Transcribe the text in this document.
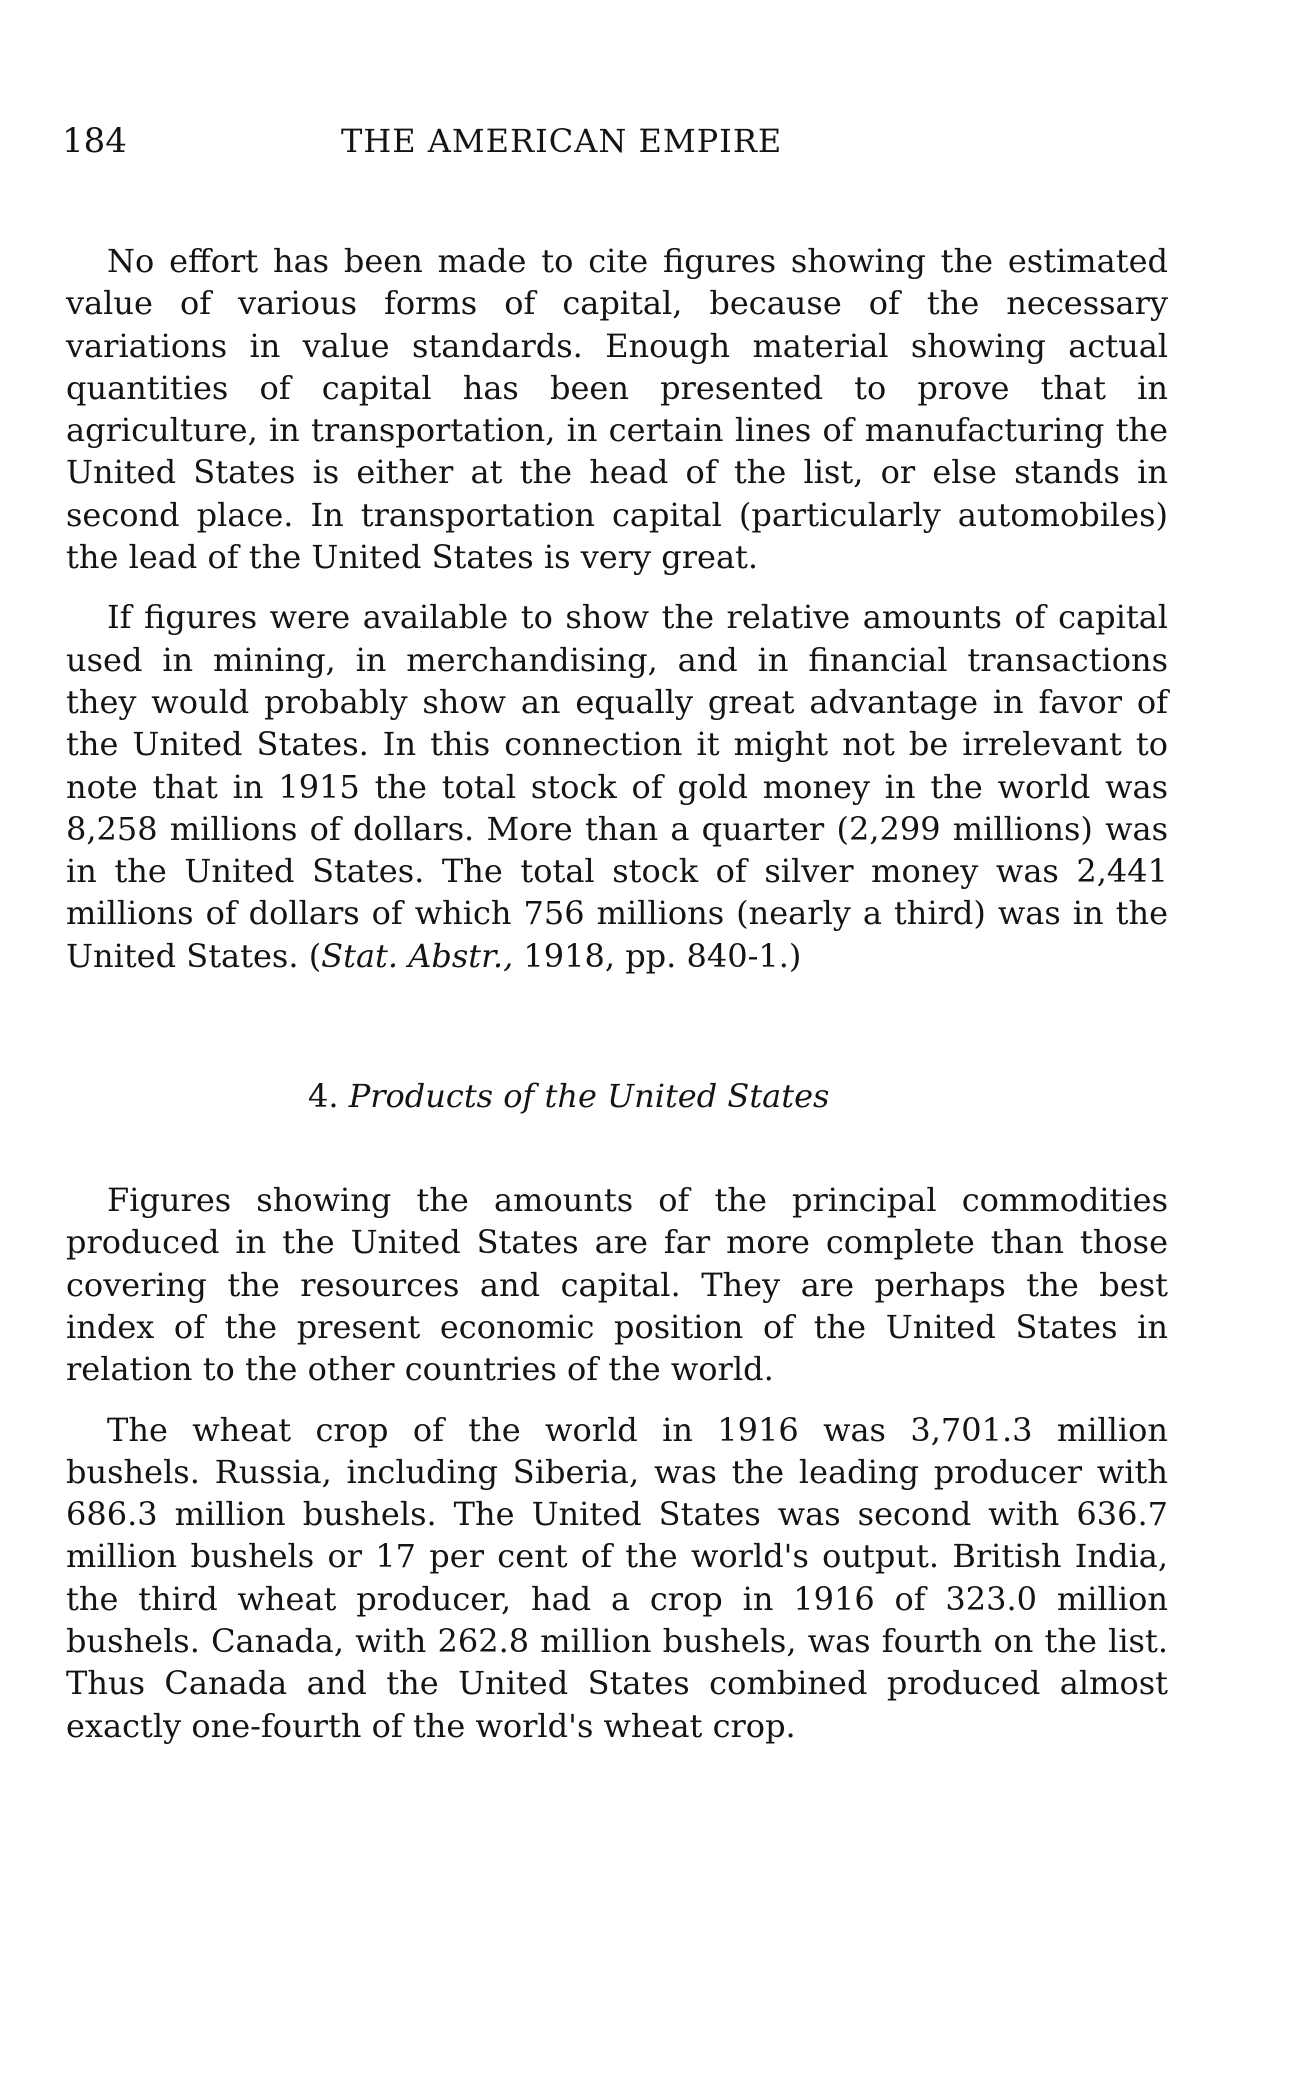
184	THE AMERICAN EMPIRE

No effort has been made to cite figures showing the estimated value of various forms of capital, because of the necessary variations in value standards. Enough material showing actual quantities of capital has been presented to prove that in agriculture, in transportation, in certain lines of manufacturing the United States is either at the head of the list, or else stands in second place. In transportation capital (particularly automobiles) the lead of the United States is very great.

If figures were available to show the relative amounts of capital used in mining, in merchandising, and in financial transactions they would probably show an equally great advantage in favor of the United States. In this connection it might not be irrelevant to note that in 1915 the total stock of gold money in the world was 8,258 millions of dollars. More than a quarter (2,299 millions) was in the United States. The total stock of silver money was 2,441 millions of dollars of which 756 millions (nearly a third) was in the United States. (Stat. Abstr., 1918, pp. 840-1.)

4. Products of the United States

Figures showing the amounts of the principal commodities produced in the United States are far more complete than those covering the resources and capital. They are perhaps the best index of the present economic position of the United States in relation to the other countries of the world.

The wheat crop of the world in 1916 was 3,701.3 million bushels. Russia, including Siberia, was the leading producer with 686.3 million bushels. The United States was second with 636.7 million bushels or 17 per cent of the world's output. British India, the third wheat producer, had a crop in 1916 of 323.0 million bushels. Canada, with 262.8 million bushels, was fourth on the list. Thus Canada and the United States combined produced almost exactly one-fourth of the world's wheat crop.
